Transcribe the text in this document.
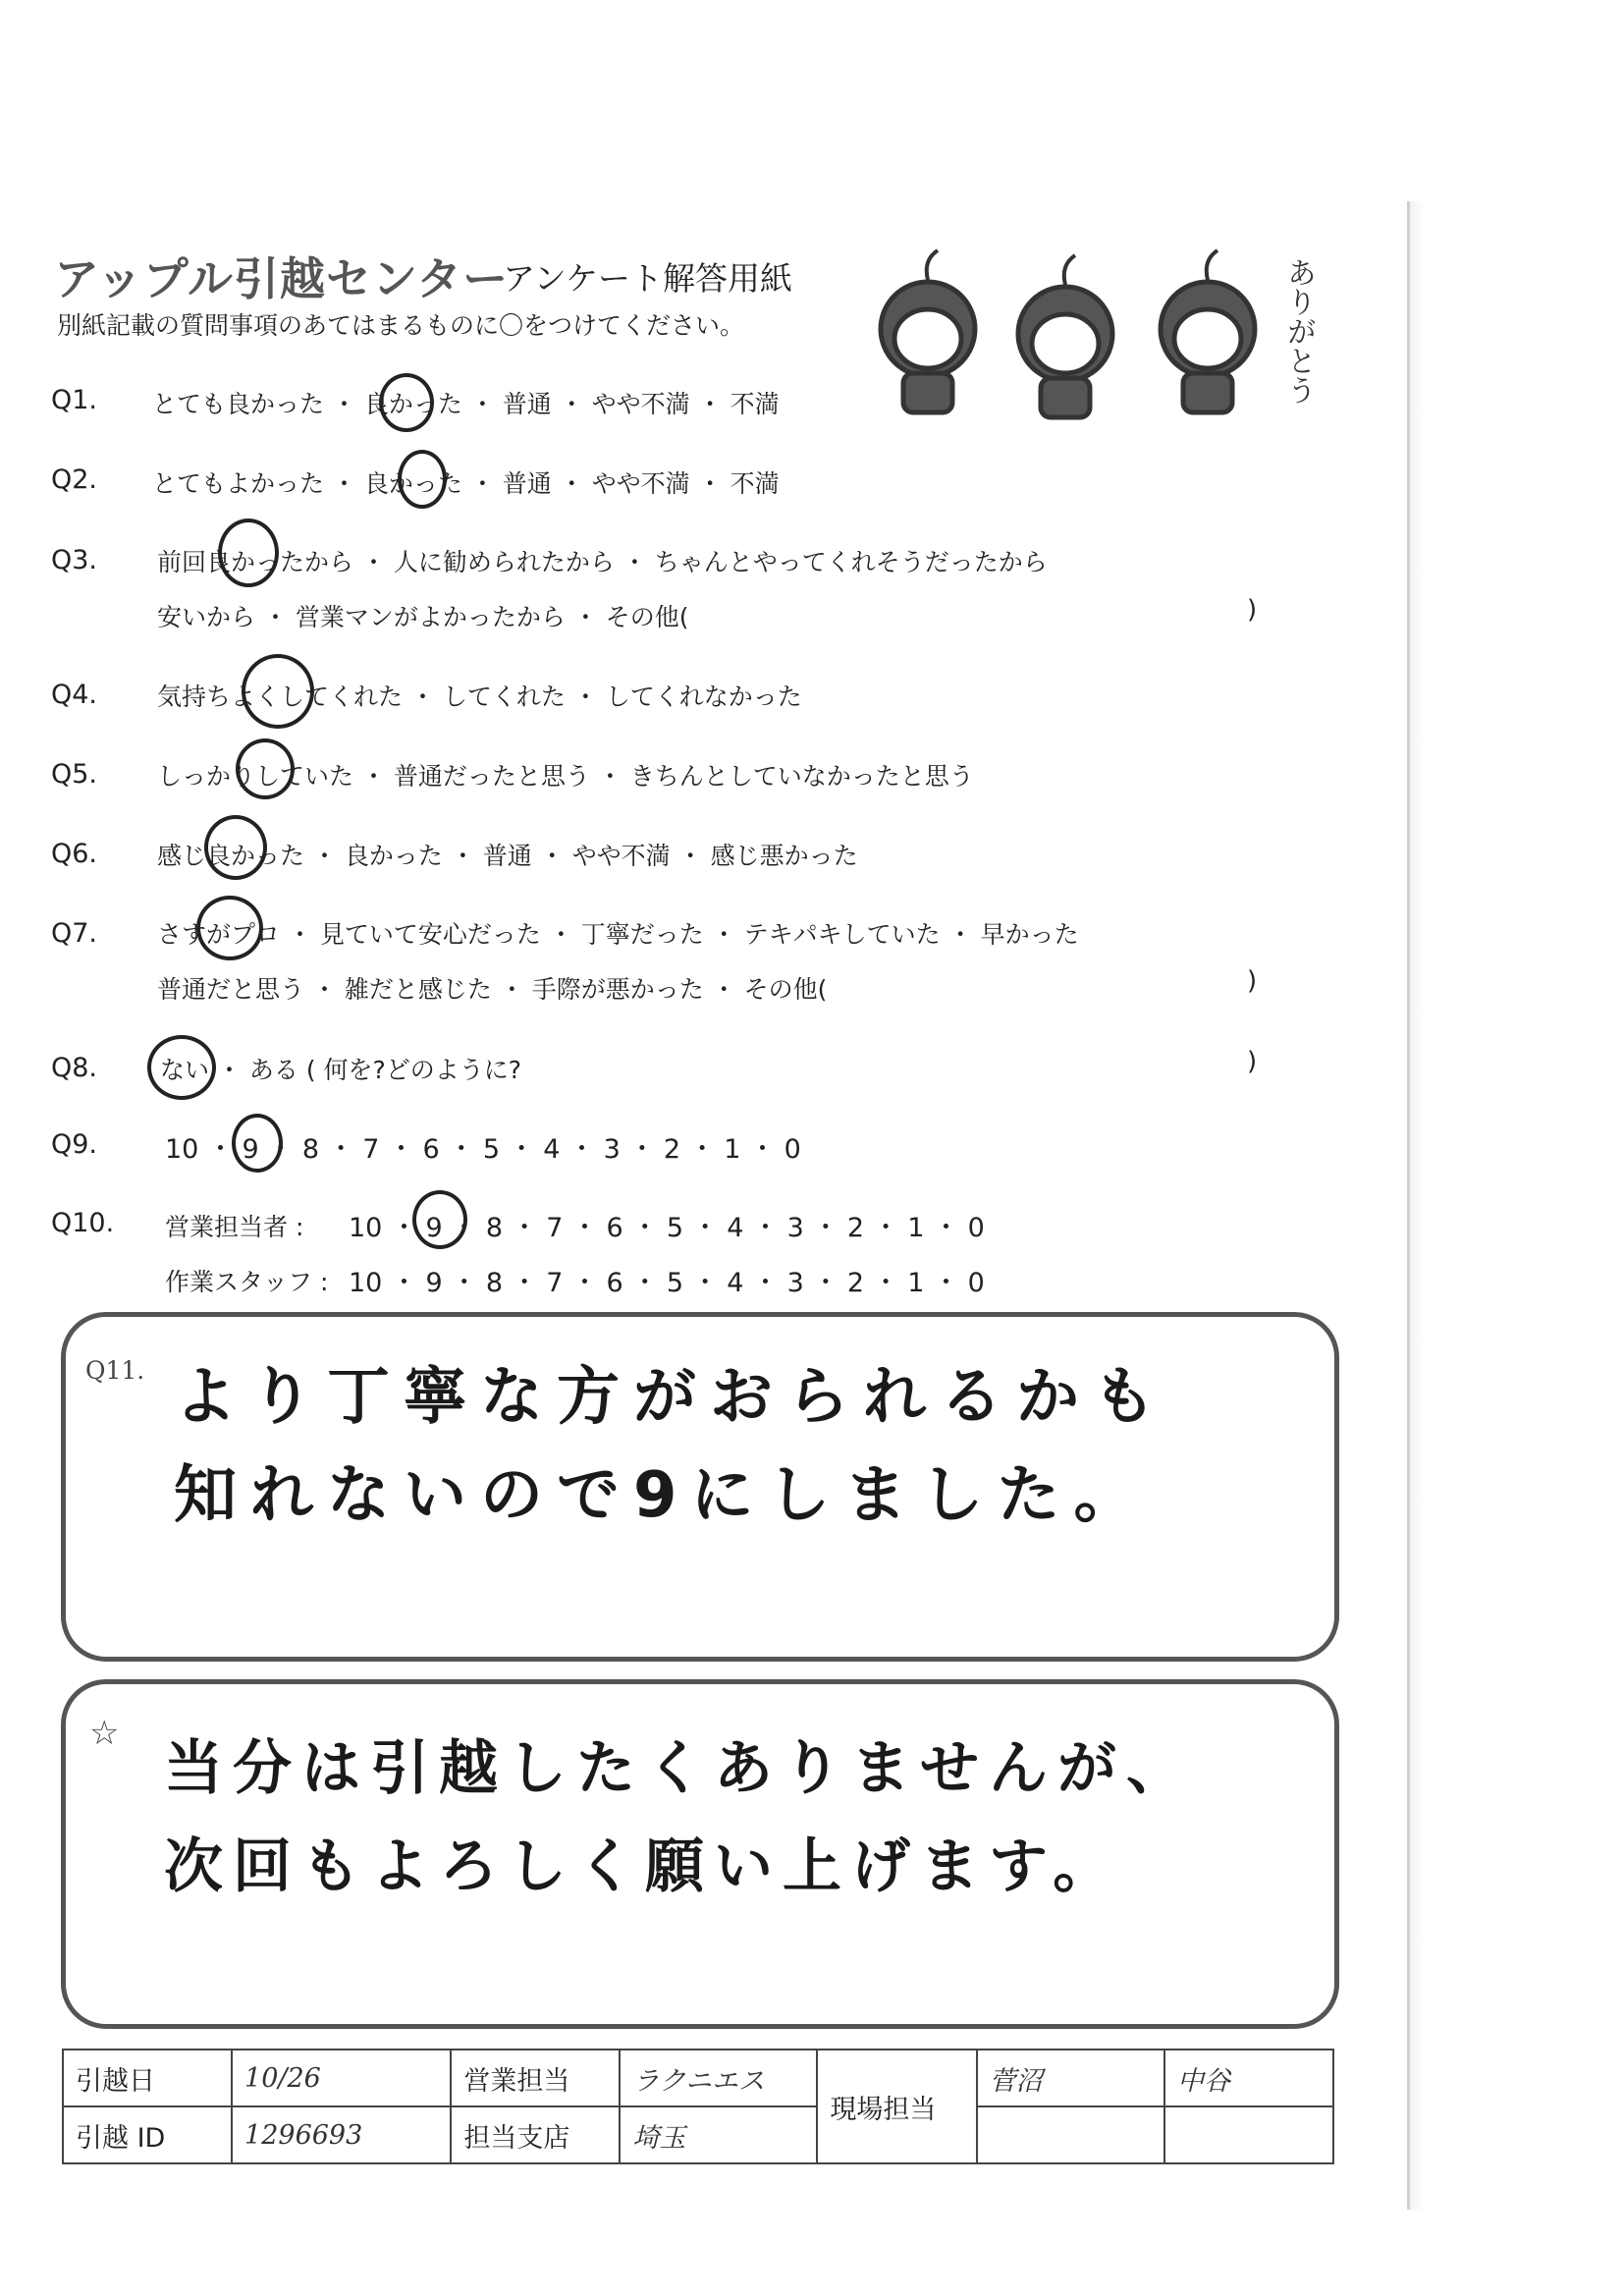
アップル引越センター
アンケート解答用紙
別紙記載の質問事項のあてはまるものに〇をつけてください。	ありがとう
Q1. とても良かった ・ 良かった ・ 普通 ・ やや不満 ・ 不満
Q2. とてもよかった ・ 良かった ・ 普通 ・ やや不満 ・ 不満
Q3. 前回良かったから ・ 人に勧められたから ・ ちゃんとやってくれそうだったから
安いから ・ 営業マンがよかったから ・ その他(	)
Q4. 気持ちよくしてくれた ・ してくれた ・ してくれなかった
Q5. しっかりしていた ・ 普通だったと思う ・ きちんとしていなかったと思う
Q6. 感じ良かった ・ 良かった ・ 普通 ・ やや不満 ・ 感じ悪かった
Q7. さすがプロ ・ 見ていて安心だった ・ 丁寧だった ・ テキパキしていた ・ 早かった
普通だと思う ・ 雑だと感じた ・ 手際が悪かった ・ その他(	)
Q8.	ない ・ ある ( 何を?どのように?	)
Q9.	10 ・ 9 ・ 8 ・ 7 ・ 6 ・ 5 ・ 4 ・ 3 ・ 2 ・ 1 ・ 0
Q10. 営業担当者 : 10 ・ 9 ・ 8 ・ 7 ・ 6 ・ 5 ・ 4 ・ 3 ・ 2 ・ 1 ・ 0
作業スタッフ : 10 ・ 9 ・ 8 ・ 7 ・ 6 ・ 5 ・ 4 ・ 3 ・ 2 ・ 1 ・ 0
Q11. より丁寧な方がおられるかも
知れないので9にしました。
☆
当分は引越したくありませんが、
次回もよろしく願い上げます。
引越日	10/26	営業担当	ラクニエス	現場担当	菅沼	中谷
引越 ID	1296693	担当支店	埼玉			
